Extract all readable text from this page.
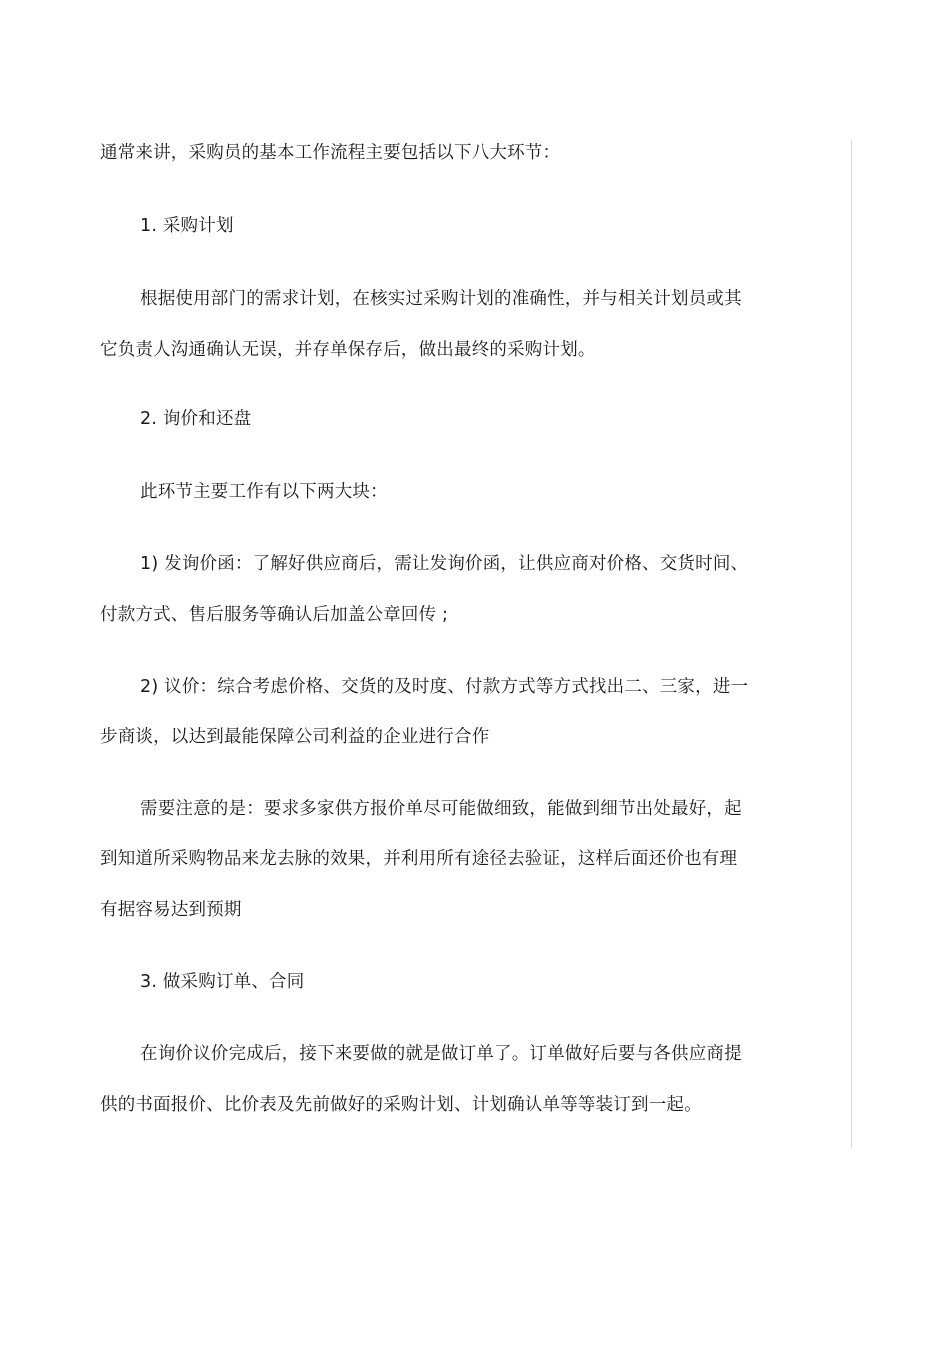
通常来讲，采购员的基本工作流程主要包括以下八大环节：
1. 采购计划
根据使用部门的需求计划，在核实过采购计划的准确性，并与相关计划员或其
它负责人沟通确认无误，并存单保存后，做出最终的采购计划。
2. 询价和还盘
此环节主要工作有以下两大块：
1) 发询价函：了解好供应商后，需让发询价函，让供应商对价格、交货时间、
付款方式、售后服务等确认后加盖公章回传 ;
2) 议价：综合考虑价格、交货的及时度、付款方式等方式找出二、三家，进一
步商谈，以达到最能保障公司利益的企业进行合作
需要注意的是：要求多家供方报价单尽可能做细致，能做到细节出处最好，起
到知道所采购物品来龙去脉的效果，并利用所有途径去验证，这样后面还价也有理
有据容易达到预期
3. 做采购订单、合同
在询价议价完成后，接下来要做的就是做订单了。订单做好后要与各供应商提
供的书面报价、比价表及先前做好的采购计划、计划确认单等等装订到一起。
